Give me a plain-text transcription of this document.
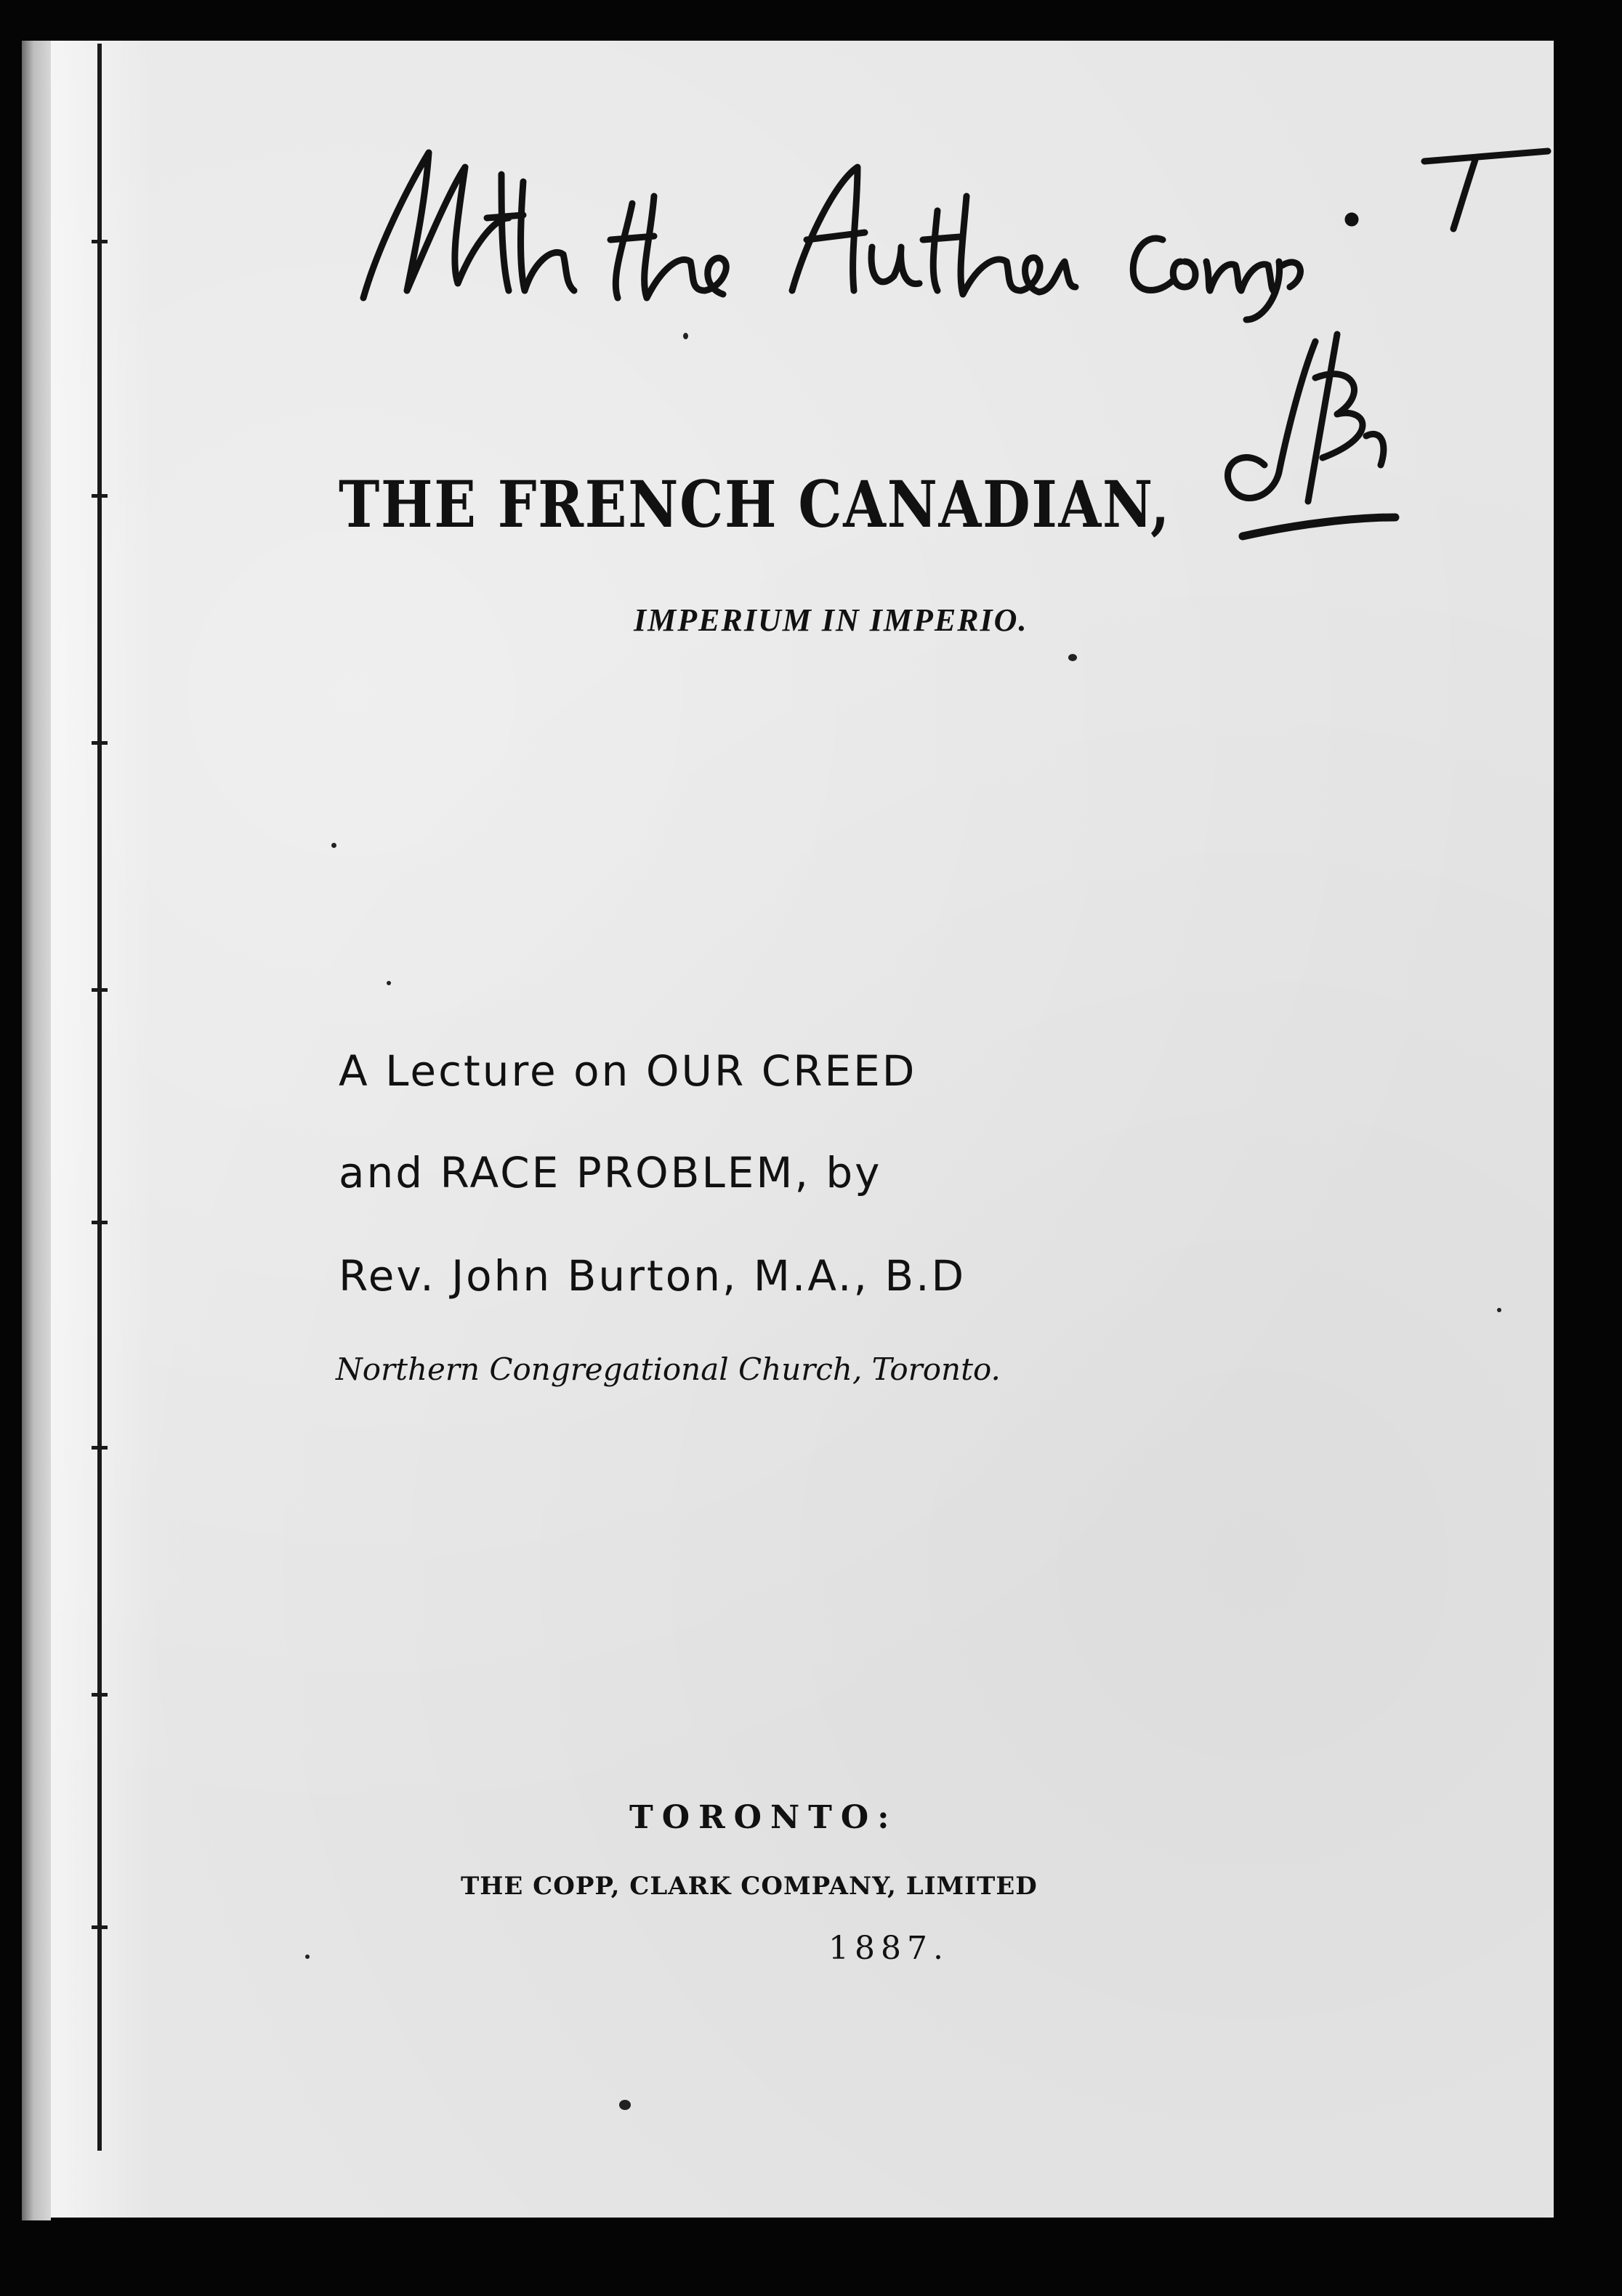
THE FRENCH CANADIAN,
IMPERIUM IN IMPERIO.
A Lecture on OUR CREED
and RACE PROBLEM, by
Rev. John Burton, M.A., B.D
Northern Congregational Church, Toronto.
TORONTO:
THE COPP, CLARK COMPANY, LIMITED
1887.
